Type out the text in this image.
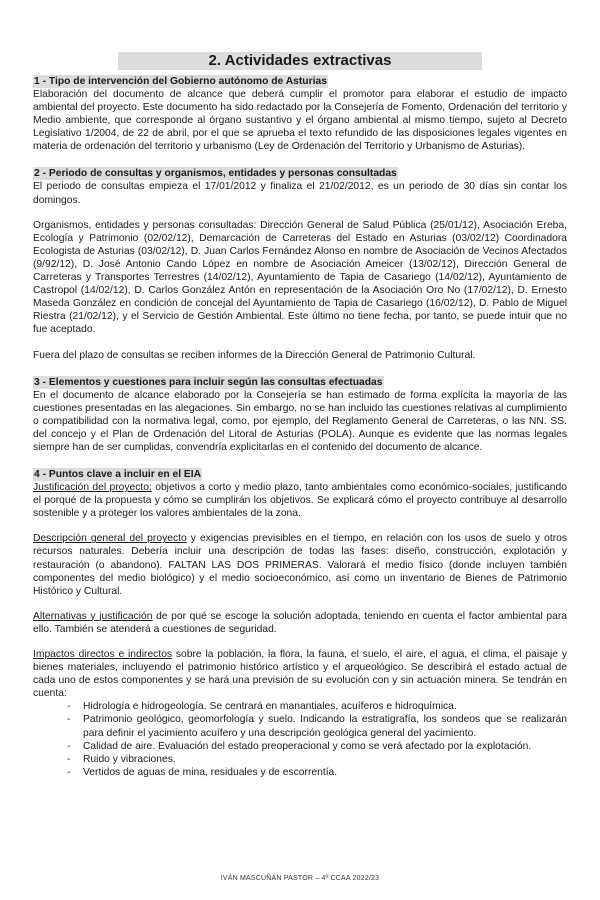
2. Actividades extractivas
1 - Tipo de intervención del Gobierno autónomo de Asturias

Elaboración del documento de alcance que deberá cumplir el promotor para elaborar el estudio de impacto ambiental del proyecto. Este documento ha sido redactado por la Consejería de Fomento, Ordenación del territorio y Medio ambiente, que corresponde al órgano sustantivo y el órgano ambiental al mismo tiempo, sujeto al Decreto Legislativo 1/2004, de 22 de abril, por el que se aprueba el texto refundido de las disposiciones legales vigentes en materia de ordenación del territorio y urbanismo (Ley de Ordenación del Territorio y Urbanismo de Asturias).

2 - Periodo de consultas y organismos, entidades y personas consultadas

El periodo de consultas empieza el 17/01/2012 y finaliza el 21/02/2012, es un periodo de 30 días sin contar los domingos.

Organismos, entidades y personas consultadas: Dirección General de Salud Pública (25/01/12), Asociación Ereba, Ecología y Patrimonio (02/02/12), Demarcación de Carreteras del Estado en Asturias (03/02/12) Coordinadora Ecologista de Asturias (03/02/12), D. Juan Carlos Fernández Alonso en nombre de Asociación de Vecinos Afectados (9/92/12), D. José Antonio Cando López en nombre de Asociación Ameicer (13/02/12), Dirección General de Carreteras y Transportes Terrestres (14/02/12), Ayuntamiento de Tapia de Casariego (14/02/12), Ayuntamiento de Castropol (14/02/12), D. Carlos González Antón en representación de la Asociación Oro No (17/02/12), D. Ernesto Maseda González en condición de concejal del Ayuntamiento de Tapia de Casariego (16/02/12), D. Pablo de Miguel Riestra (21/02/12), y el Servicio de Gestión Ambiental. Este último no tiene fecha, por tanto, se puede intuir que no fue aceptado.

Fuera del plazo de consultas se reciben informes de la Dirección General de Patrimonio Cultural.

3 - Elementos y cuestiones para incluir según las consultas efectuadas

En el documento de alcance elaborado por la Consejería se han estimado de forma explícita la mayoría de las cuestiones presentadas en las alegaciones. Sin embargo, no se han incluido las cuestiones relativas al cumplimiento o compatibilidad con la normativa legal, como, por ejemplo, del Reglamento General de Carreteras, o las NN. SS. del concejo y el Plan de Ordenación del Litoral de Asturias (POLA). Aunque es evidente que las normas legales siempre han de ser cumplidas, convendría explicitarlas en el contenido del documento de alcance.

4 - Puntos clave a incluir en el EIA

Justificación del proyecto: objetivos a corto y medio plazo, tanto ambientales como económico-sociales, justificando el porqué de la propuesta y cómo se cumplirán los objetivos. Se explicará cómo el proyecto contribuye al desarrollo sostenible y a proteger los valores ambientales de la zona.

Descripción general del proyecto y exigencias previsibles en el tiempo, en relación con los usos de suelo y otros recursos naturales. Debería incluir una descripción de todas las fases: diseño, construcción, explotación y restauración (o abandono). FALTAN LAS DOS PRIMERAS. Valorará el medio físico (donde incluyen también componentes del medio biológico) y el medio socioeconómico, así como un inventario de Bienes de Patrimonio Histórico y Cultural.

Alternativas y justificación de por qué se escoge la solución adoptada, teniendo en cuenta el factor ambiental para ello. También se atenderá a cuestiones de seguridad.

Impactos directos e indirectos sobre la población, la flora, la fauna, el suelo, el aire, el agua, el clima, el paisaje y bienes materiales, incluyendo el patrimonio histórico artístico y el arqueológico. Se describirá el estado actual de cada uno de estos componentes y se hará una previsión de su evolución con y sin actuación minera. Se tendrán en cuenta:

- Hidrología e hidrogeología. Se centrará en manantiales, acuíferos e hidroquímica.
- Patrimonio geológico, geomorfología y suelo. Indicando la estratigrafía, los sondeos que se realizarán para definir el yacimiento acuífero y una descripción geológica general del yacimiento.
- Calidad de aire. Evaluación del estado preoperacional y como se verá afectado por la explotación.
- Ruido y vibraciones.
- Vertidos de aguas de mina, residuales y de escorrentía.
IVÁN MASCUÑÁN PASTOR – 4º CCAA 2022/23
